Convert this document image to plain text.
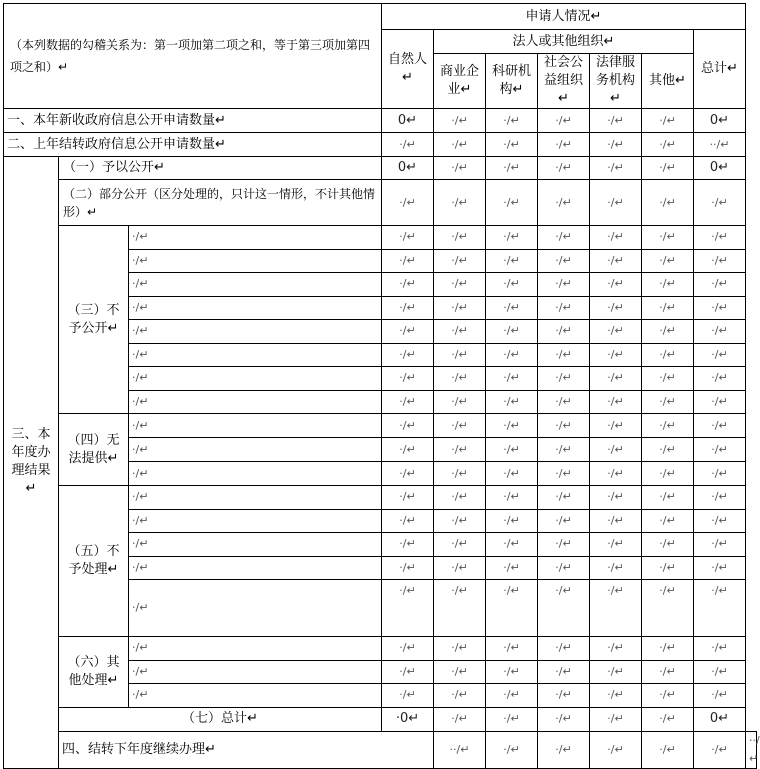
（本列数据的勾稽关系为：第一项加第二项之和，等于第三项加第四项之和）↵			申请人情况↵							
			自然人↵	法人或其他组织↵					总计↵	
				商业企业↵	科研机构↵	社会公益组织↵	法律服务机构↵	其他↵		
一、本年新收政府信息公开申请数量↵			0↵	·/↵	·/↵	·/↵	·/↵	·/↵	0↵	
二、上年结转政府信息公开申请数量↵			·/↵	·/↵	·/↵	·/↵	·/↵	·/↵	··/↵	
三、本年度办理结果↵	（一）予以公开↵		0↵	·/↵	·/↵	·/↵	·/↵	·/↵	0↵	
	（二）部分公开（区分处理的，只计这一情形，不计其他情形）↵		·/↵	·/↵	·/↵	·/↵	·/↵	·/↵	·/↵	
	（三）不予公开↵	·/↵	·/↵	·/↵	·/↵	·/↵	·/↵	·/↵	·/↵	
		·/↵	·/↵	·/↵	·/↵	·/↵	·/↵	·/↵	·/↵	
		·/↵	·/↵	·/↵	·/↵	·/↵	·/↵	·/↵	·/↵	
		·/↵	·/↵	·/↵	·/↵	·/↵	·/↵	·/↵	·/↵	
		·/↵	·/↵	·/↵	·/↵	·/↵	·/↵	·/↵	·/↵	
		·/↵	·/↵	·/↵	·/↵	·/↵	·/↵	·/↵	·/↵	
		·/↵	·/↵	·/↵	·/↵	·/↵	·/↵	·/↵	·/↵	
		·/↵	·/↵	·/↵	·/↵	·/↵	·/↵	·/↵	·/↵	
	（四）无法提供↵	·/↵	·/↵	·/↵	·/↵	·/↵	·/↵	·/↵	·/↵	
		·/↵	·/↵	·/↵	·/↵	·/↵	·/↵	·/↵	·/↵	
		·/↵	·/↵	·/↵	·/↵	·/↵	·/↵	·/↵	·/↵	
	（五）不予处理↵	·/↵	·/↵	·/↵	·/↵	·/↵	·/↵	·/↵	·/↵	
		·/↵	·/↵	·/↵	·/↵	·/↵	·/↵	·/↵	·/↵	
		·/↵	·/↵	·/↵	·/↵	·/↵	·/↵	·/↵	·/↵	
		·/↵	·/↵	·/↵	·/↵	·/↵	·/↵	·/↵	·/↵	
		·/↵	·/↵	·/↵	·/↵	·/↵	·/↵	·/↵	·/↵	
	（六）其他处理↵	·/↵	·/↵	·/↵	·/↵	·/↵	·/↵	·/↵	·/↵	
		·/↵	·/↵	·/↵	·/↵	·/↵	·/↵	·/↵	·/↵	
		·/↵	·/↵	·/↵	·/↵	·/↵	·/↵	·/↵	·/↵	
	（七）总计↵		·0↵	·/↵	·/↵	·/↵	·/↵	·/↵	0↵	
	四、结转下年度继续办理↵			··/↵	·/↵	·/↵	·/↵	·/↵	·/↵	··/↵
